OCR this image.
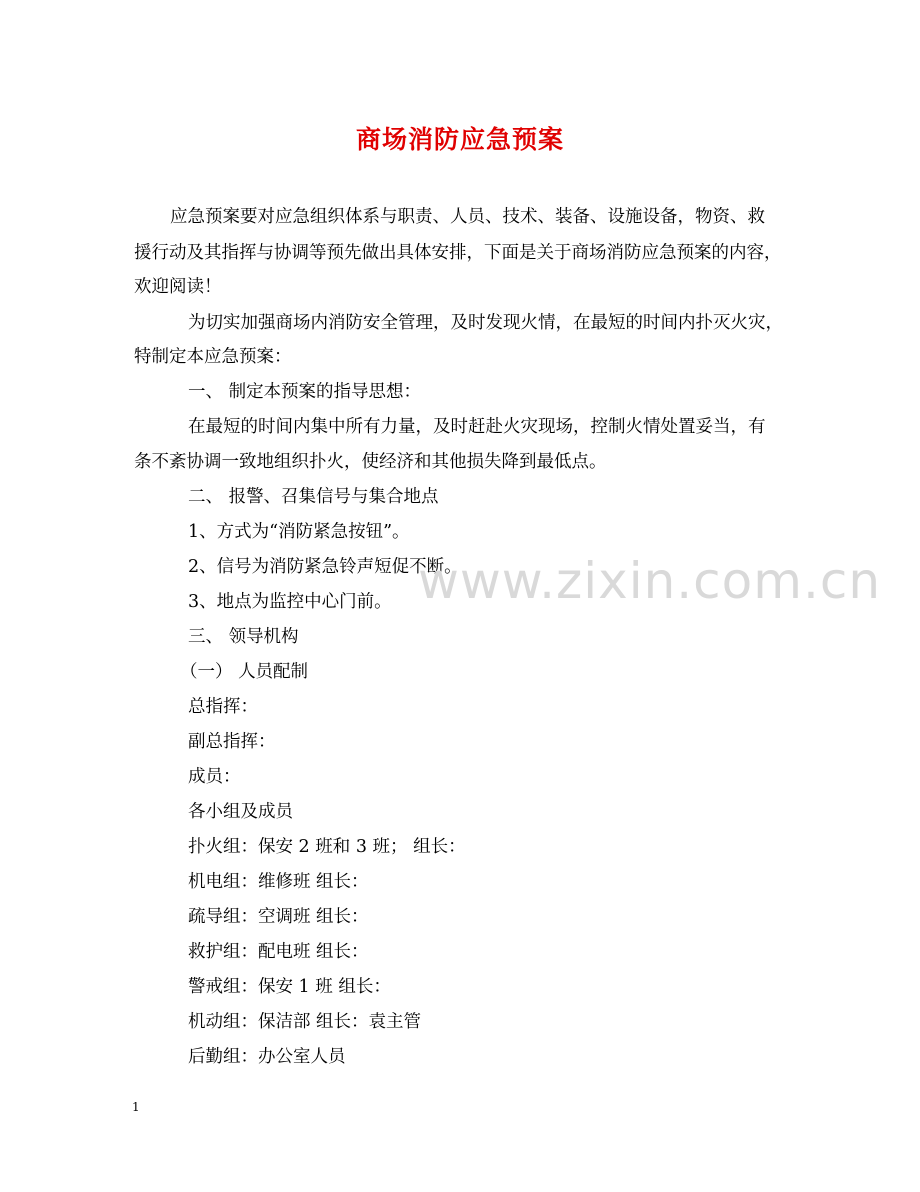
商场消防应急预案
应急预案要对应急组织体系与职责、人员、技术、装备、设施设备，物资、救
援行动及其指挥与协调等预先做出具体安排，下面是关于商场消防应急预案的内容，
欢迎阅读！
为切实加强商场内消防安全管理，及时发现火情，在最短的时间内扑灭火灾，
特制定本应急预案：
一、 制定本预案的指导思想：
在最短的时间内集中所有力量，及时赶赴火灾现场，控制火情处置妥当，有
条不紊协调一致地组织扑火，使经济和其他损失降到最低点。
二、 报警、召集信号与集合地点
1、方式为“消防紧急按钮”。
2、信号为消防紧急铃声短促不断。
3、地点为监控中心门前。
三、 领导机构
（一） 人员配制
总指挥：
副总指挥：
成员：
各小组及成员
扑火组：保安 2 班和 3 班； 组长：
机电组：维修班 组长：
疏导组：空调班 组长：
救护组：配电班 组长：
警戒组：保安 1 班 组长：
机动组：保洁部 组长：袁主管
后勤组：办公室人员
www.zixin.com.cn
1
